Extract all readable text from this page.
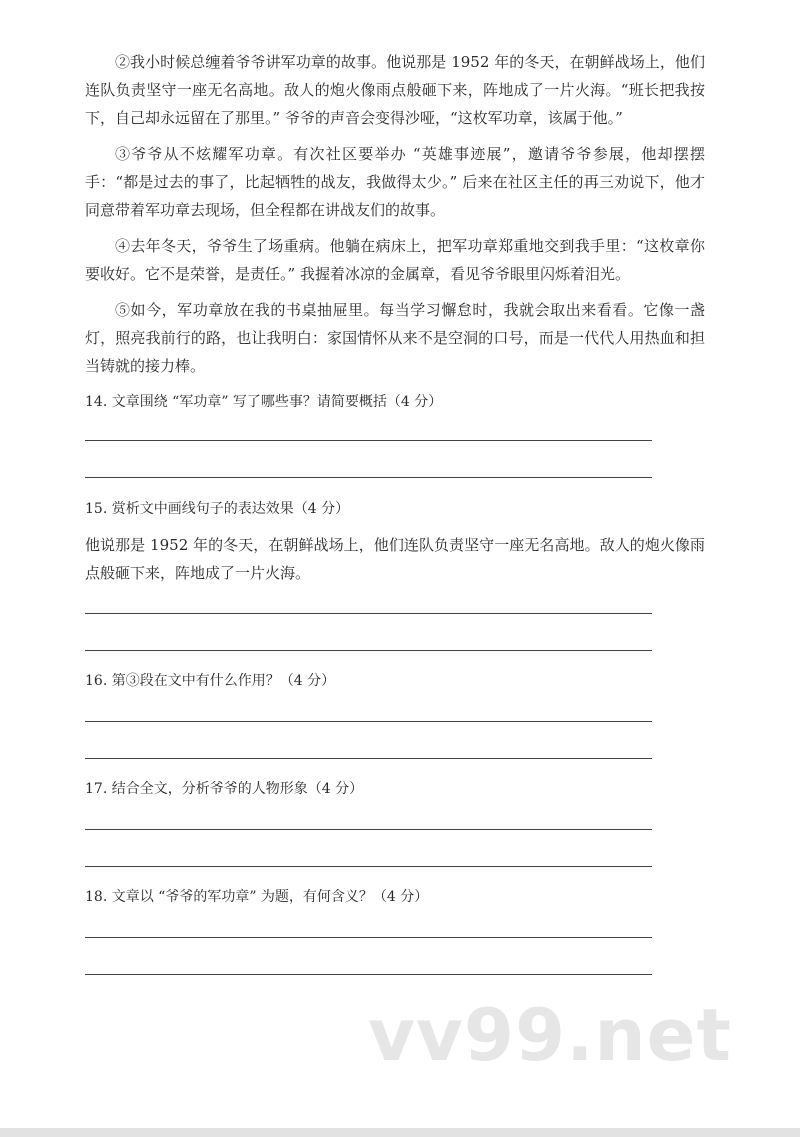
②我小时候总缠着爷爷讲军功章的故事。他说那是 1952 年的冬天，在朝鲜战场上，他们连队负责坚守一座无名高地。敌人的炮火像雨点般砸下来，阵地成了一片火海。“班长把我按下，自己却永远留在了那里。” 爷爷的声音会变得沙哑，“这枚军功章，该属于他。”

③爷爷从不炫耀军功章。有次社区要举办 “英雄事迹展”，邀请爷爷参展，他却摆摆手：“都是过去的事了，比起牺牲的战友，我做得太少。” 后来在社区主任的再三劝说下，他才同意带着军功章去现场，但全程都在讲战友们的故事。

④去年冬天，爷爷生了场重病。他躺在病床上，把军功章郑重地交到我手里：“这枚章你要收好。它不是荣誉，是责任。” 我握着冰凉的金属章，看见爷爷眼里闪烁着泪光。

⑤如今，军功章放在我的书桌抽屉里。每当学习懈怠时，我就会取出来看看。它像一盏灯，照亮我前行的路，也让我明白：家国情怀从来不是空洞的口号，而是一代代人用热血和担当铸就的接力棒。

14. 文章围绕 “军功章” 写了哪些事？请简要概括（4 分）

15. 赏析文中画线句子的表达效果（4 分）

他说那是 1952 年的冬天，在朝鲜战场上，他们连队负责坚守一座无名高地。敌人的炮火像雨点般砸下来，阵地成了一片火海。

16. 第③段在文中有什么作用？（4 分）

17. 结合全文，分析爷爷的人物形象（4 分）

18. 文章以 “爷爷的军功章” 为题，有何含义？（4 分）

vv99.net
